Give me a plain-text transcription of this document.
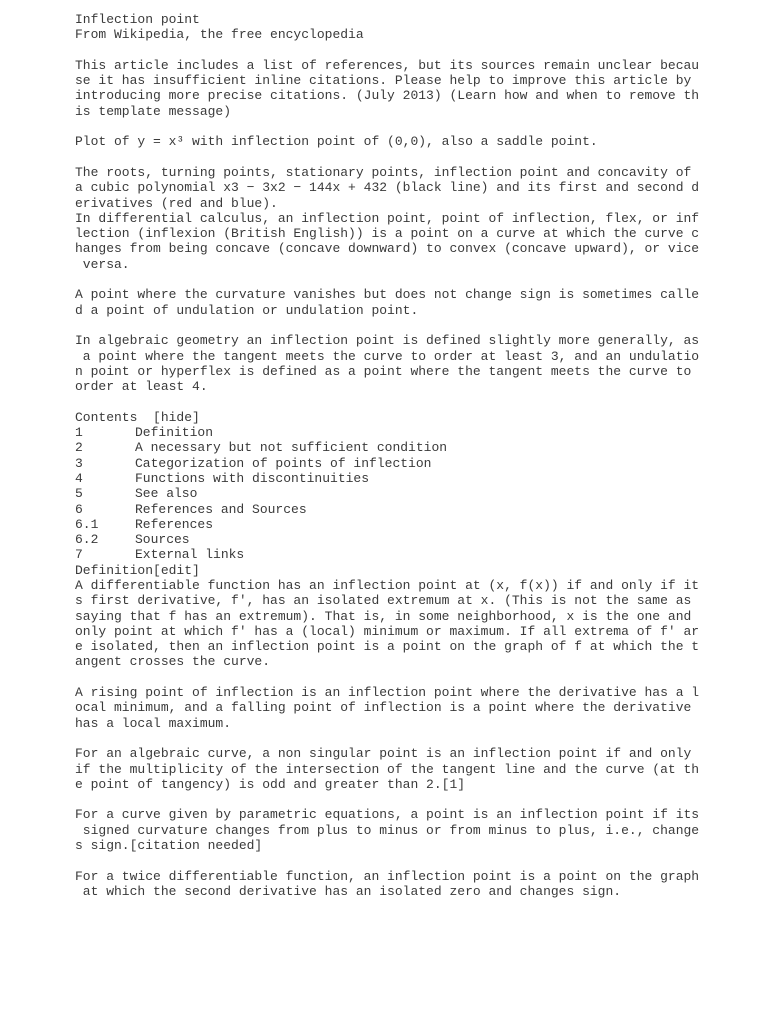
Inflection point
From Wikipedia, the free encyclopedia
This article includes a list of references, but its sources remain unclear becau
se it has insufficient inline citations. Please help to improve this article by
introducing more precise citations. (July 2013) (Learn how and when to remove th
is template message)
Plot of y = x³ with inflection point of (0,0), also a saddle point.
The roots, turning points, stationary points, inflection point and concavity of
a cubic polynomial x3 − 3x2 − 144x + 432 (black line) and its first and second d
erivatives (red and blue).
In differential calculus, an inflection point, point of inflection, flex, or inf
lection (inflexion (British English)) is a point on a curve at which the curve c
hanges from being concave (concave downward) to convex (concave upward), or vice
versa.
A point where the curvature vanishes but does not change sign is sometimes calle
d a point of undulation or undulation point.
In algebraic geometry an inflection point is defined slightly more generally, as
a point where the tangent meets the curve to order at least 3, and an undulatio
n point or hyperflex is defined as a point where the tangent meets the curve to
order at least 4.
Contents  [hide]
1	Definition
2	A necessary but not sufficient condition
3	Categorization of points of inflection
4	Functions with discontinuities
5	See also
6	References and Sources
6.1	References
6.2	Sources
7	External links
Definition[edit]
A differentiable function has an inflection point at (x, f(x)) if and only if it
s first derivative, f', has an isolated extremum at x. (This is not the same as
saying that f has an extremum). That is, in some neighborhood, x is the one and
only point at which f' has a (local) minimum or maximum. If all extrema of f' ar
e isolated, then an inflection point is a point on the graph of f at which the t
angent crosses the curve.
A rising point of inflection is an inflection point where the derivative has a l
ocal minimum, and a falling point of inflection is a point where the derivative
has a local maximum.
For an algebraic curve, a non singular point is an inflection point if and only
if the multiplicity of the intersection of the tangent line and the curve (at th
e point of tangency) is odd and greater than 2.[1]
For a curve given by parametric equations, a point is an inflection point if its
signed curvature changes from plus to minus or from minus to plus, i.e., change
s sign.[citation needed]
For a twice differentiable function, an inflection point is a point on the graph
at which the second derivative has an isolated zero and changes sign.
